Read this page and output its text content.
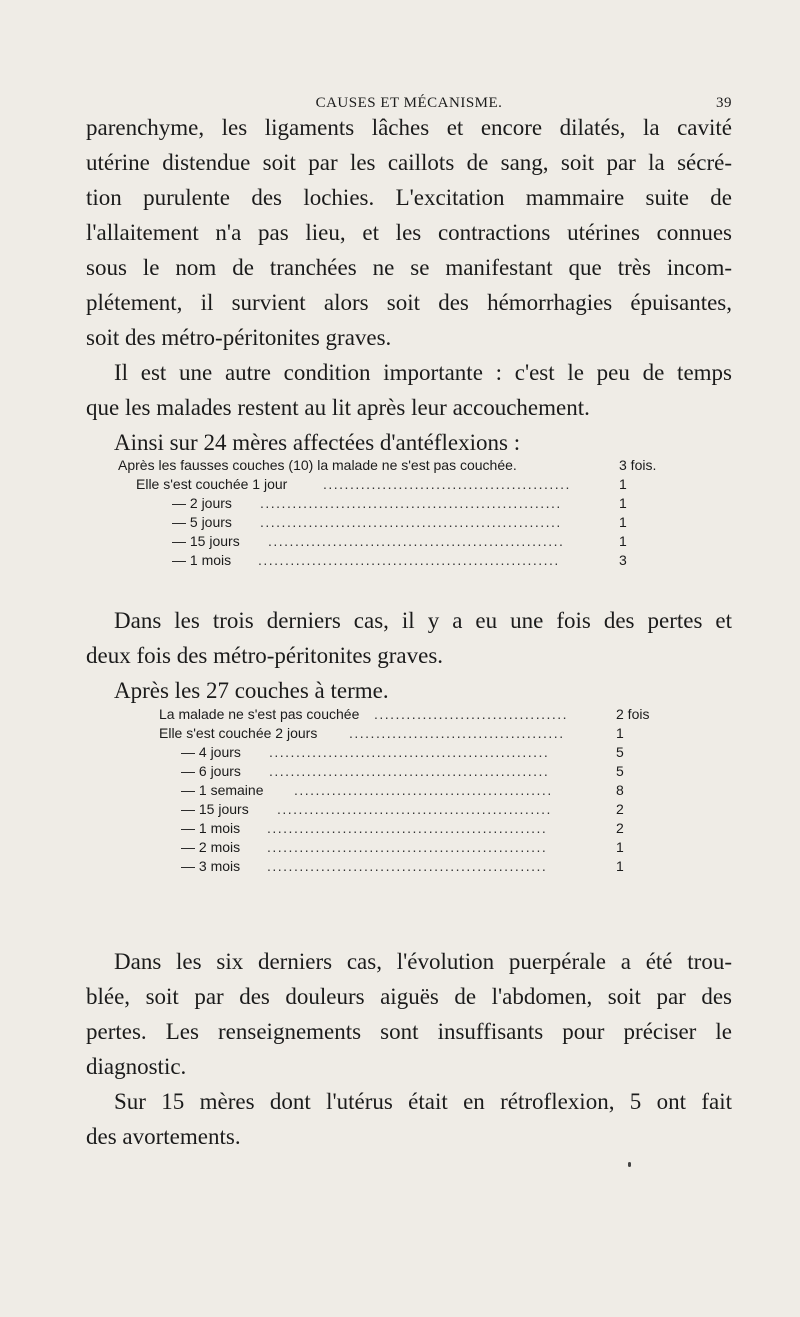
CAUSES ET MÉCANISME.	39
parenchyme, les ligaments lâches et encore dilatés, la cavité
utérine distendue soit par les caillots de sang, soit par la sécré-
tion purulente des lochies. L'excitation mammaire suite de
l'allaitement n'a pas lieu, et les contractions utérines connues
sous le nom de tranchées ne se manifestant que très incom-
plétement, il survient alors soit des hémorrhagies épuisantes,
soit des métro-péritonites graves.
Il est une autre condition importante : c'est le peu de temps
que les malades restent au lit après leur accouchement.
Ainsi sur 24 mères affectées d'antéflexions :
Après les fausses couches (10) la malade ne s'est pas couchée.	3 fois.
Elle s'est couchée 1 jour	..............................................	1
— 2 jours ........................................................	1
— 5 jours ........................................................	1
— 15 jours .......................................................	1
— 1 mois ........................................................	3
Dans les trois derniers cas, il y a eu une fois des pertes et
deux fois des métro-péritonites graves.
Après les 27 couches à terme.
La malade ne s'est pas couchée ....................................	2 fois
Elle s'est couchée 2 jours ........................................	1
— 4 jours ....................................................	5
— 6 jours ....................................................	5
— 1 semaine ................................................	8
— 15 jours ...................................................	2
— 1 mois ....................................................	2
— 2 mois ....................................................	1
— 3 mois ....................................................	1
Dans les six derniers cas, l'évolution puerpérale a été trou-
blée, soit par des douleurs aiguës de l'abdomen, soit par des
pertes. Les renseignements sont insuffisants pour préciser le
diagnostic.
Sur 15 mères dont l'utérus était en rétroflexion, 5 ont fait
des avortements.
